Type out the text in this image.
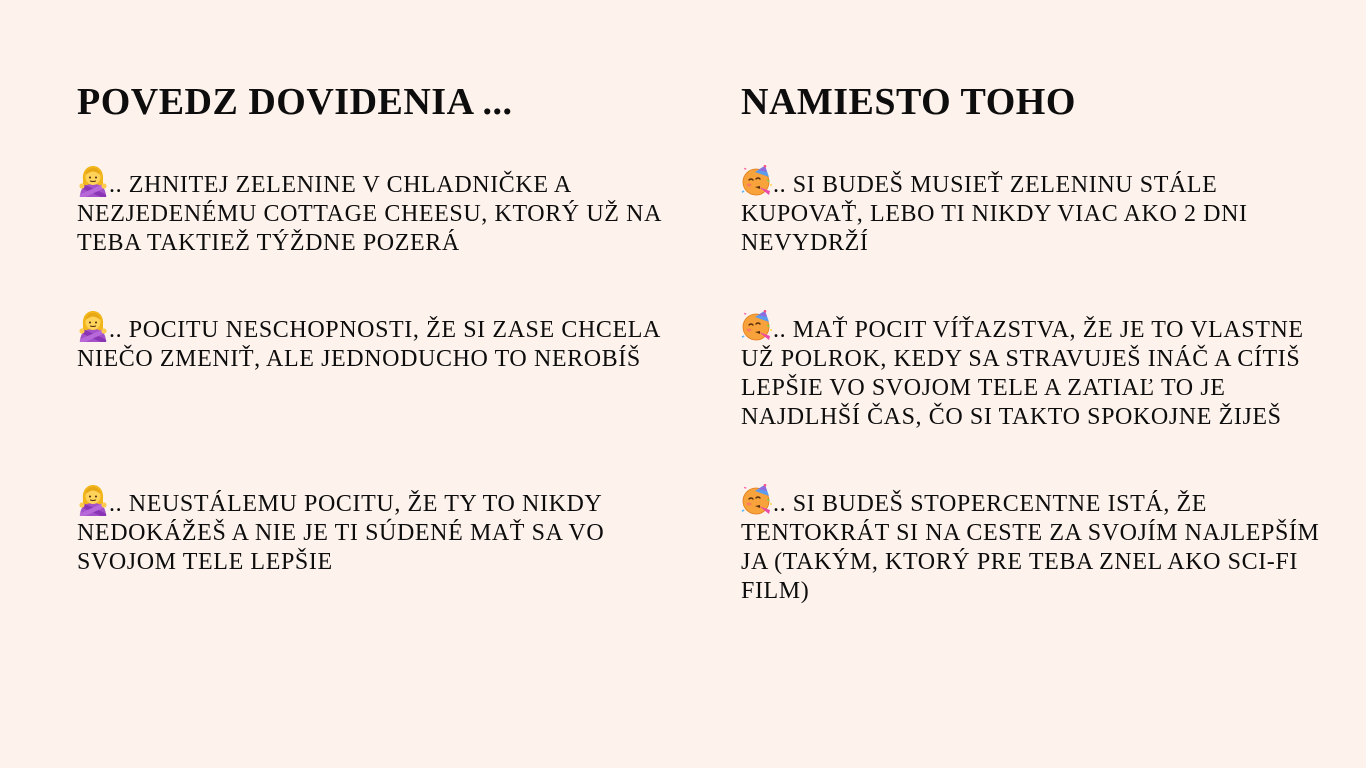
POVEDZ DOVIDENIA ...

.. ZHNITEJ ZELENINE V CHLADNIČKE A NEZJEDENÉMU COTTAGE CHEESU, KTORÝ UŽ NA TEBA TAKTIEŽ TÝŽDNE POZERÁ

.. POCITU NESCHOPNOSTI, ŽE SI ZASE CHCELA NIEČO ZMENIŤ, ALE JEDNODUCHO TO NEROBÍŠ

.. NEUSTÁLEMU POCITU, ŽE TY TO NIKDY NEDOKÁŽEŠ A NIE JE TI SÚDENÉ MAŤ SA VO SVOJOM TELE LEPŠIE

NAMIESTO TOHO

.. SI BUDEŠ MUSIEŤ ZELENINU STÁLE KUPOVAŤ, LEBO TI NIKDY VIAC AKO 2 DNI NEVYDRŽÍ

.. MAŤ POCIT VÍŤAZSTVA, ŽE JE TO VLASTNE UŽ POLROK, KEDY SA STRAVUJEŠ INÁČ A CÍTIŠ LEPŠIE VO SVOJOM TELE A ZATIAĽ TO JE NAJDLHŠÍ ČAS, ČO SI TAKTO SPOKOJNE ŽIJEŠ

.. SI BUDEŠ STOPERCENTNE ISTÁ, ŽE TENTOKRÁT SI NA CESTE ZA SVOJÍM NAJLEPŠÍM JA (TAKÝM, KTORÝ PRE TEBA ZNEL AKO SCI-FI FILM)
